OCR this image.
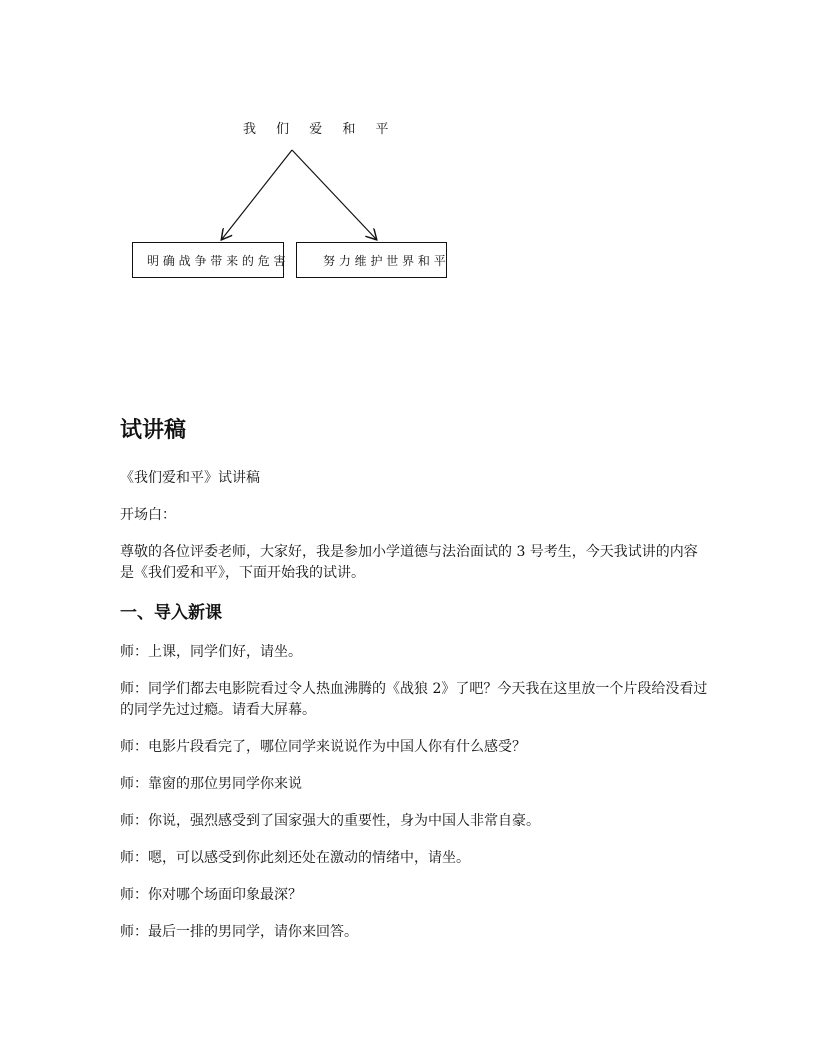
我 们 爱 和 平
明 确 战 争 带 来 的 危 害	努 力 维 护 世 界 和 平
试讲稿

《我们爱和平》试讲稿

开场白：

尊敬的各位评委老师，大家好，我是参加小学道德与法治面试的 3 号考生，今天我试讲的内容是《我们爱和平》，下面开始我的试讲。

一、导入新课

师：上课，同学们好，请坐。

师：同学们都去电影院看过令人热血沸腾的《战狼 2》了吧？今天我在这里放一个片段给没看过的同学先过过瘾。请看大屏幕。

师：电影片段看完了，哪位同学来说说作为中国人你有什么感受？

师：靠窗的那位男同学你来说

师：你说，强烈感受到了国家强大的重要性，身为中国人非常自豪。

师：嗯，可以感受到你此刻还处在激动的情绪中，请坐。

师：你对哪个场面印象最深？

师：最后一排的男同学，请你来回答。
